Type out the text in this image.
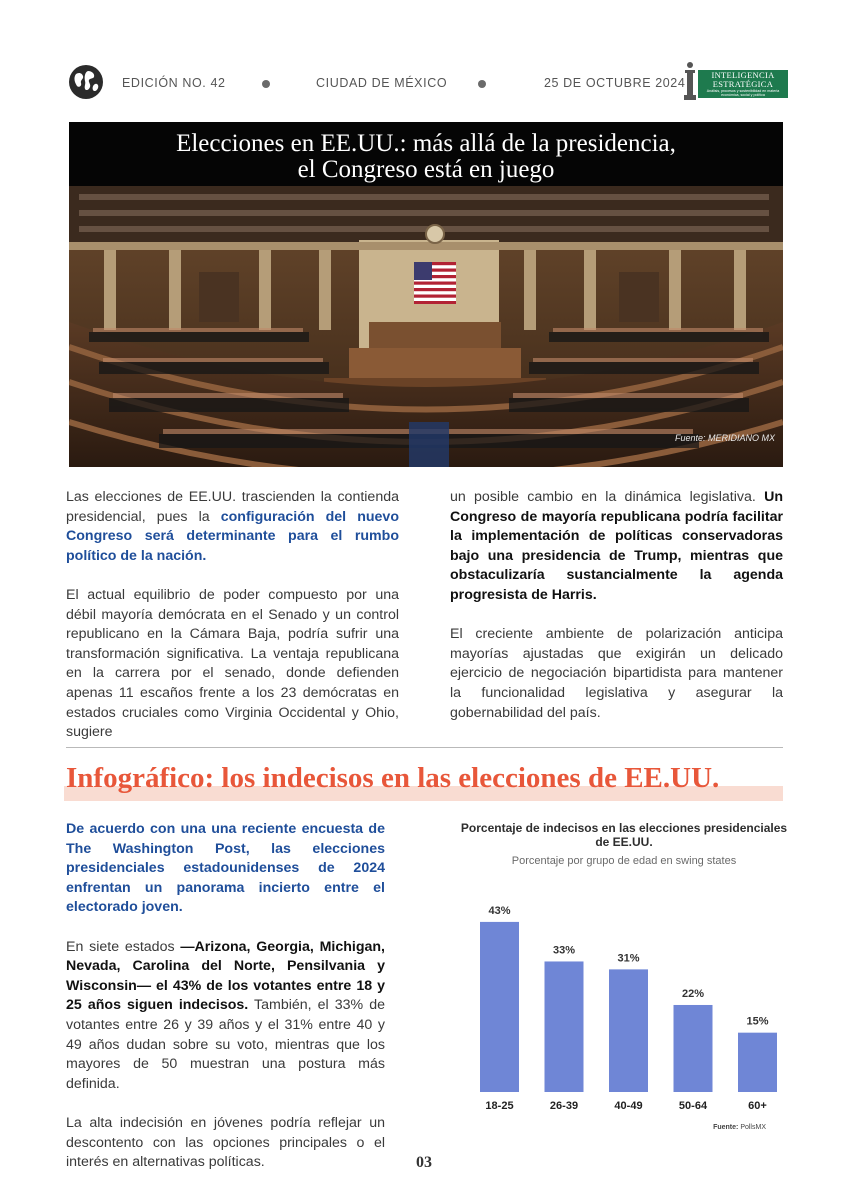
EDICIÓN NO. 42	CIUDAD DE MÉXICO	25 DE OCTUBRE 2024
INTELIGENCIA
ESTRATÉGICA
Análisis, procesos y sostenibilidad en materia económica, social y política
Elecciones en EE.UU.: más allá de la presidencia,
el Congreso está en juego
Fuente: MERIDIANO MX

Las elecciones de EE.UU. trascienden la contienda presidencial, pues la configuración del nuevo Congreso será determinante para el rumbo político de la nación.

El actual equilibrio de poder compuesto por una débil mayoría demócrata en el Senado y un control republicano en la Cámara Baja, podría sufrir una transformación significativa. La ventaja republicana en la carrera por el senado, donde defienden apenas 11 escaños frente a los 23 demócratas en estados cruciales como Virginia Occidental y Ohio, sugiere

un posible cambio en la dinámica legislativa. Un Congreso de mayoría republicana podría facilitar la implementación de políticas conservadoras bajo una presidencia de Trump, mientras que obstaculizaría sustancialmente la agenda progresista de Harris.

El creciente ambiente de polarización anticipa mayorías ajustadas que exigirán un delicado ejercicio de negociación bipartidista para mantener la funcionalidad legislativa y asegurar la gobernabilidad del país.

Infográfico: los indecisos en las elecciones de EE.UU.

De acuerdo con una una reciente encuesta de The Washington Post, las elecciones presidenciales estadounidenses de 2024 enfrentan un panorama incierto entre el electorado joven.

En siete estados —Arizona, Georgia, Michigan, Nevada, Carolina del Norte, Pensilvania y Wisconsin— el 43% de los votantes entre 18 y 25 años siguen indecisos. También, el 33% de votantes entre 26 y 39 años y el 31% entre 40 y 49 años dudan sobre su voto, mientras que los mayores de 50 muestran una postura más definida.

La alta indecisión en jóvenes podría reflejar un descontento con las opciones principales o el interés en alternativas políticas.

Porcentaje de indecisos en las elecciones presidenciales de EE.UU.
Porcentaje por grupo de edad en swing states
43%
18-25
33%
26-39
31%
40-49
22%
50-64
15%
60+
Fuente: PollsMX
03
